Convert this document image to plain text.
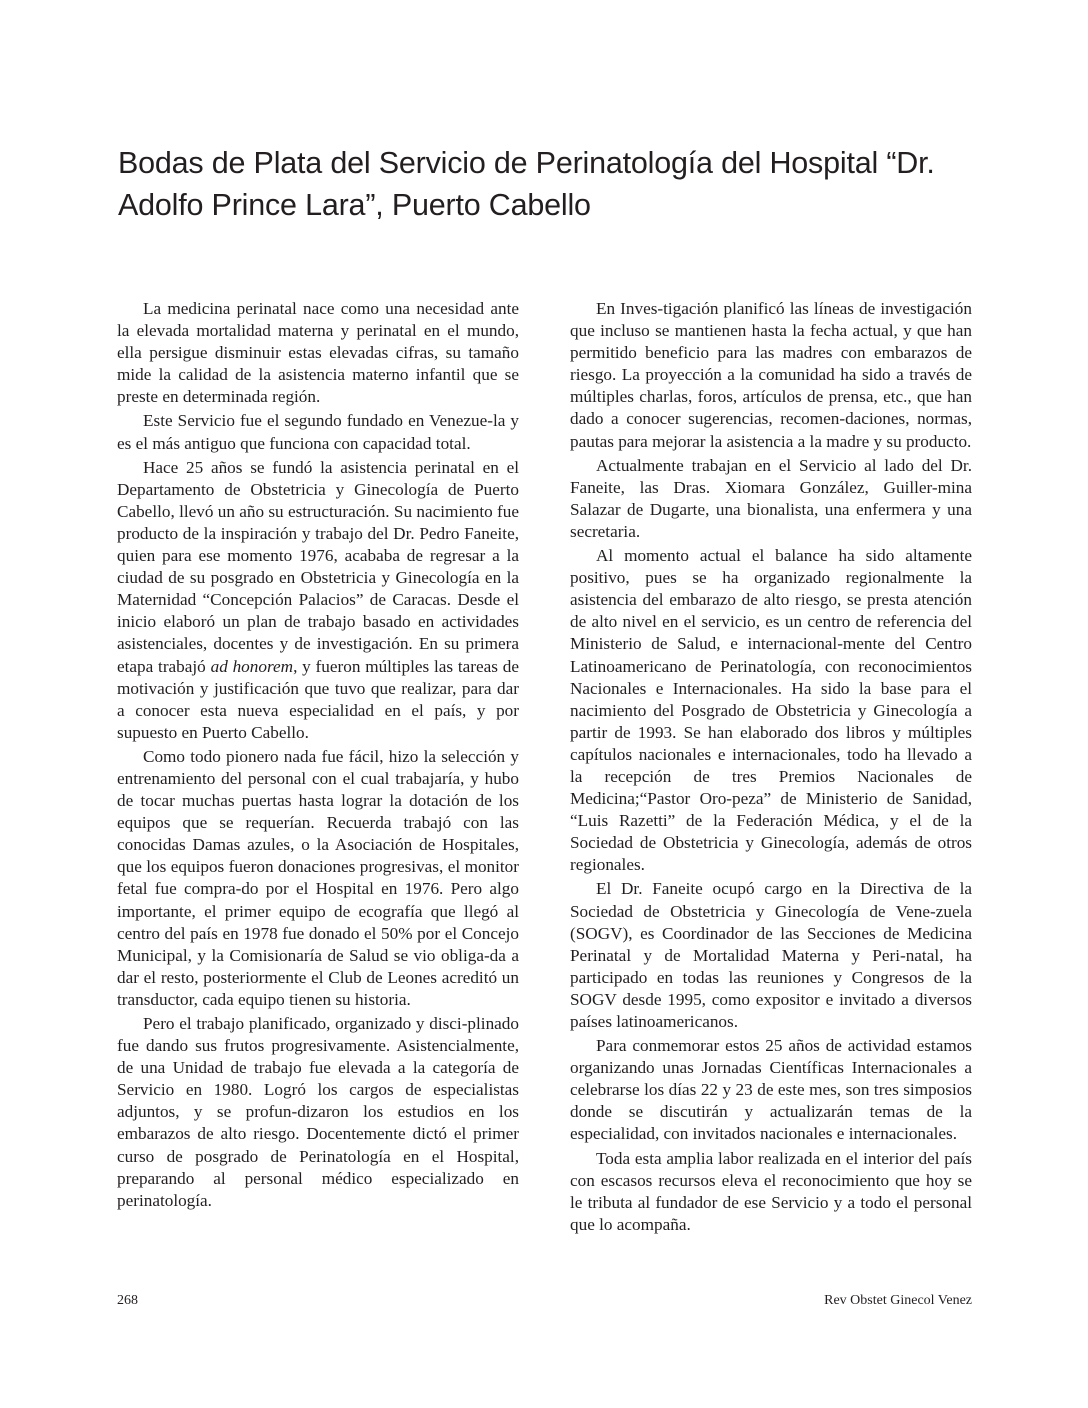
Bodas de Plata del Servicio de Perinatología del Hospital “Dr. Adolfo Prince Lara”, Puerto Cabello

La medicina perinatal nace como una necesidad ante la elevada mortalidad materna y perinatal en el mundo, ella persigue disminuir estas elevadas cifras, su tamaño mide la calidad de la asistencia materno infantil que se preste en determinada región.

Este Servicio fue el segundo fundado en Venezue-la y es el más antiguo que funciona con capacidad total.

Hace 25 años se fundó la asistencia perinatal en el Departamento de Obstetricia y Ginecología de Puerto Cabello, llevó un año su estructuración. Su nacimiento fue producto de la inspiración y trabajo del Dr. Pedro Faneite, quien para ese momento 1976, acababa de regresar a la ciudad de su posgrado en Obstetricia y Ginecología en la Maternidad “Concepción Palacios” de Caracas. Desde el inicio elaboró un plan de trabajo basado en actividades asistenciales, docentes y de investigación. En su primera etapa trabajó ad honorem, y fueron múltiples las tareas de motivación y justificación que tuvo que realizar, para dar a conocer esta nueva especialidad en el país, y por supuesto en Puerto Cabello.

Como todo pionero nada fue fácil, hizo la selección y entrenamiento del personal con el cual trabajaría, y hubo de tocar muchas puertas hasta lograr la dotación de los equipos que se requerían. Recuerda trabajó con las conocidas Damas azules, o la Asociación de Hospitales, que los equipos fueron donaciones progresivas, el monitor fetal fue compra-do por el Hospital en 1976. Pero algo importante, el primer equipo de ecografía que llegó al centro del país en 1978 fue donado el 50% por el Concejo Municipal, y la Comisionaría de Salud se vio obliga-da a dar el resto, posteriormente el Club de Leones acreditó un transductor, cada equipo tienen su historia.

Pero el trabajo planificado, organizado y disci-plinado fue dando sus frutos progresivamente. Asistencialmente, de una Unidad de trabajo fue elevada a la categoría de Servicio en 1980. Logró los cargos de especialistas adjuntos, y se profun-dizaron los estudios en los embarazos de alto riesgo. Docentemente dictó el primer curso de posgrado de Perinatología en el Hospital, preparando al personal médico especializado en perinatología.

En Inves-tigación planificó las líneas de investigación que incluso se mantienen hasta la fecha actual, y que han permitido beneficio para las madres con embarazos de riesgo. La proyección a la comunidad ha sido a través de múltiples charlas, foros, artículos de prensa, etc., que han dado a conocer sugerencias, recomen-daciones, normas, pautas para mejorar la asistencia a la madre y su producto.

Actualmente trabajan en el Servicio al lado del Dr. Faneite, las Dras. Xiomara González, Guiller-mina Salazar de Dugarte, una bionalista, una enfermera y una secretaria.

Al momento actual el balance ha sido altamente positivo, pues se ha organizado regionalmente la asistencia del embarazo de alto riesgo, se presta atención de alto nivel en el servicio, es un centro de referencia del Ministerio de Salud, e internacional-mente del Centro Latinoamericano de Perinatología, con reconocimientos Nacionales e Internacionales. Ha sido la base para el nacimiento del Posgrado de Obstetricia y Ginecología a partir de 1993. Se han elaborado dos libros y múltiples capítulos nacionales e internacionales, todo ha llevado a la recepción de tres Premios Nacionales de Medicina;“Pastor Oro-peza” de Ministerio de Sanidad, “Luis Razetti” de la Federación Médica, y el de la Sociedad de Obstetricia y Ginecología, además de otros regionales.

El Dr. Faneite ocupó cargo en la Directiva de la Sociedad de Obstetricia y Ginecología de Vene-zuela (SOGV), es Coordinador de las Secciones de Medicina Perinatal y de Mortalidad Materna y Peri-natal, ha participado en todas las reuniones y Congresos de la SOGV desde 1995, como expositor e invitado a diversos países latinoamericanos.

Para conmemorar estos 25 años de actividad estamos organizando unas Jornadas Científicas Internacionales a celebrarse los días 22 y 23 de este mes, son tres simposios donde se discutirán y actualizarán temas de la especialidad, con invitados nacionales e internacionales.

Toda esta amplia labor realizada en el interior del país con escasos recursos eleva el reconocimiento que hoy se le tributa al fundador de ese Servicio y a todo el personal que lo acompaña.

268	Rev Obstet Ginecol Venez
